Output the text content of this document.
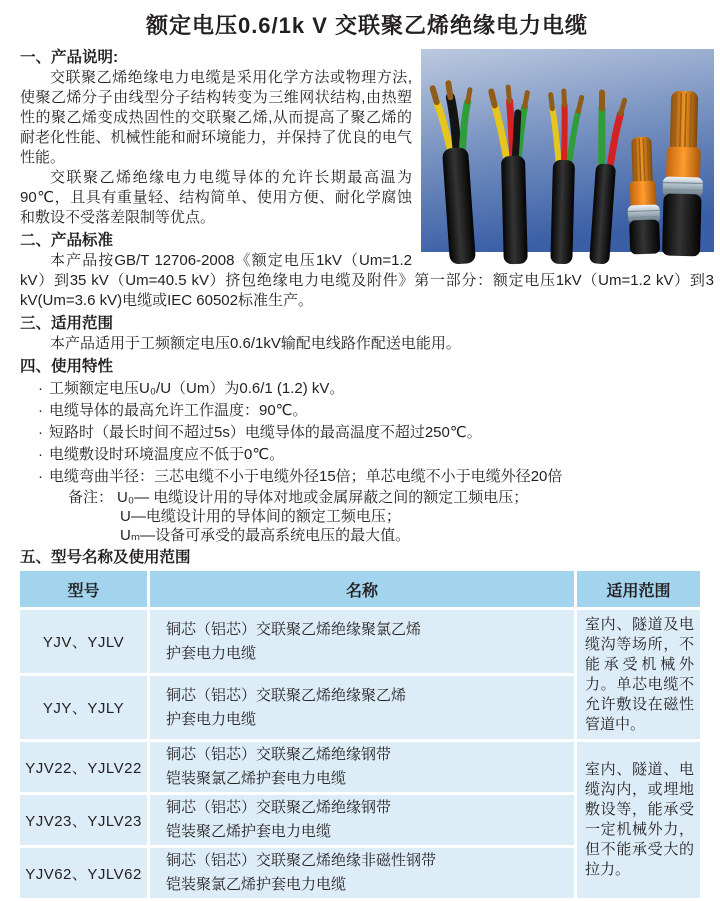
额定电压0.6/1k V 交联聚乙烯绝缘电力电缆
一、产品说明:
交联聚乙烯绝缘电力电缆是采用化学方法或物理方法,使聚乙烯分子由线型分子结构转变为三维网状结构,由热塑性的聚乙烯变成热固性的交联聚乙烯,从而提高了聚乙烯的耐老化性能、机械性能和耐环境能力，并保持了优良的电气性能。
交联聚乙烯绝缘电力电缆导体的允许长期最高温为90℃，且具有重量轻、结构简单、使用方便、耐化学腐蚀和敷设不受落差限制等优点。
二、产品标准
本产品按GB/T 12706-2008《额定电压1kV（Um=1.2 kV）到35 kV（Um=40.5 kV）挤包绝缘电力电缆及附件》第一部分：额定电压1kV（Um=1.2 kV）到3 kV(Um=3.6 kV)电缆或IEC 60502标准生产。
三、适用范围
本产品适用于工频额定电压0.6/1kV输配电线路作配送电能用。
四、使用特性
· 工频额定电压U₀/U（Um）为0.6/1 (1.2) kV。
· 电缆导体的最高允许工作温度：90℃。
· 短路时（最长时间不超过5s）电缆导体的最高温度不超过250℃。
· 电缆敷设时环境温度应不低于0℃。
· 电缆弯曲半径：三芯电缆不小于电缆外径15倍；单芯电缆不小于电缆外径20倍
备注： U₀— 电缆设计用的导体对地或金属屏蔽之间的额定工频电压；
U—电缆设计用的导体间的额定工频电压；
Uₘ—设备可承受的最高系统电压的最大值。
五、型号名称及使用范围
型号	名称	适用范围
YJV、YJLV	铜芯（铝芯）交联聚乙烯绝缘聚氯乙烯
护套电力电缆	室内、隧道及电缆沟等场所，不能承受机械外力。单芯电缆不允许敷设在磁性管道中。
YJY、YJLY	铜芯（铝芯）交联聚乙烯绝缘聚乙烯
护套电力电缆	

YJV22、YJLV22	铜芯（铝芯）交联聚乙烯绝缘钢带
铠装聚氯乙烯护套电力电缆	室内、隧道、电缆沟内，或埋地敷设等，能承受一定机械外力，但不能承受大的拉力。
YJV23、YJLV23	铜芯（铝芯）交联聚乙烯绝缘钢带
铠装聚乙烯护套电力电缆	

YJV62、YJLV62	铜芯（铝芯）交联聚乙烯绝缘非磁性钢带
铠装聚氯乙烯护套电力电缆	
